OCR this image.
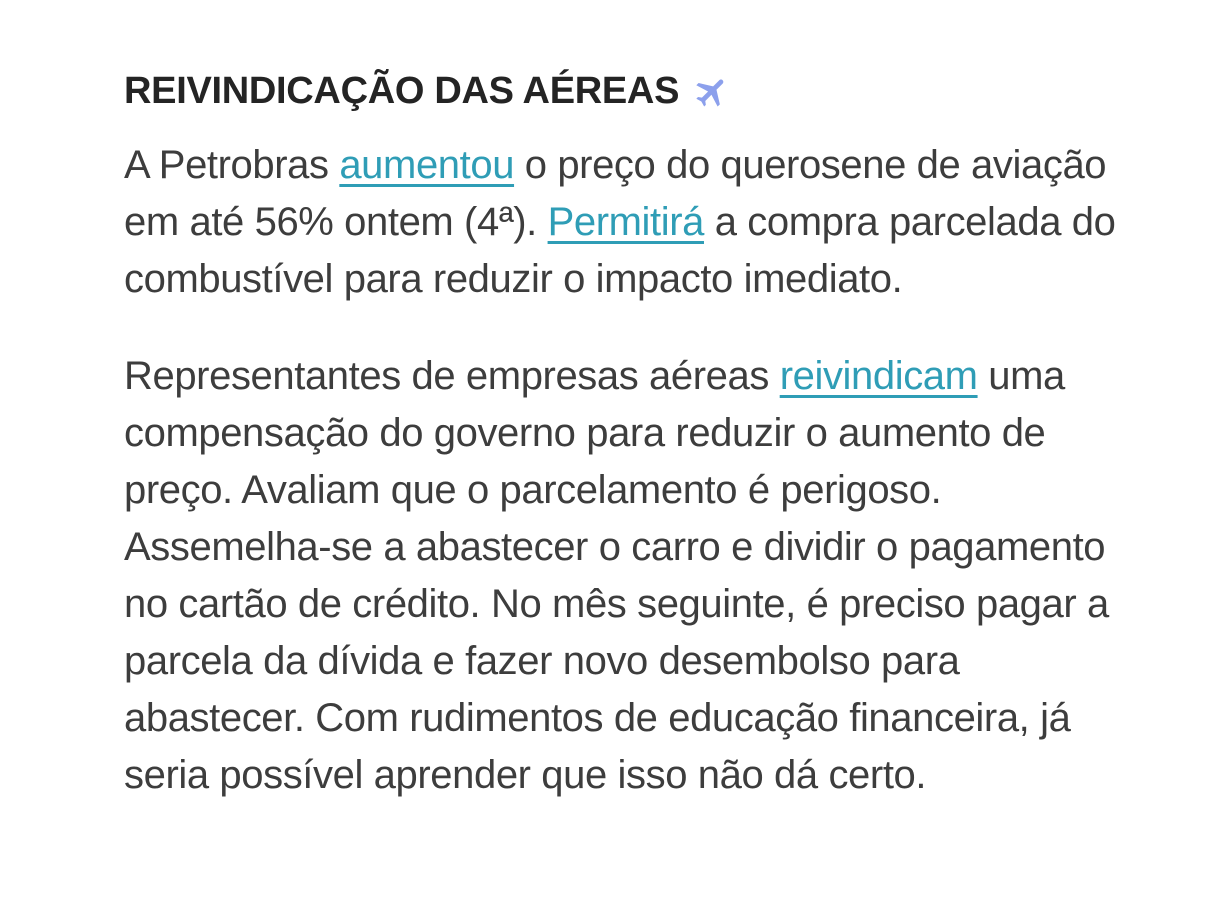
REIVINDICAÇÃO DAS AÉREAS

A Petrobras aumentou o preço do querosene de aviação
em até 56% ontem (4ª). Permitirá a compra parcelada do
combustível para reduzir o impacto imediato.

Representantes de empresas aéreas reivindicam uma
compensação do governo para reduzir o aumento de
preço. Avaliam que o parcelamento é perigoso.
Assemelha-se a abastecer o carro e dividir o pagamento
no cartão de crédito. No mês seguinte, é preciso pagar a
parcela da dívida e fazer novo desembolso para
abastecer. Com rudimentos de educação financeira, já
seria possível aprender que isso não dá certo.
